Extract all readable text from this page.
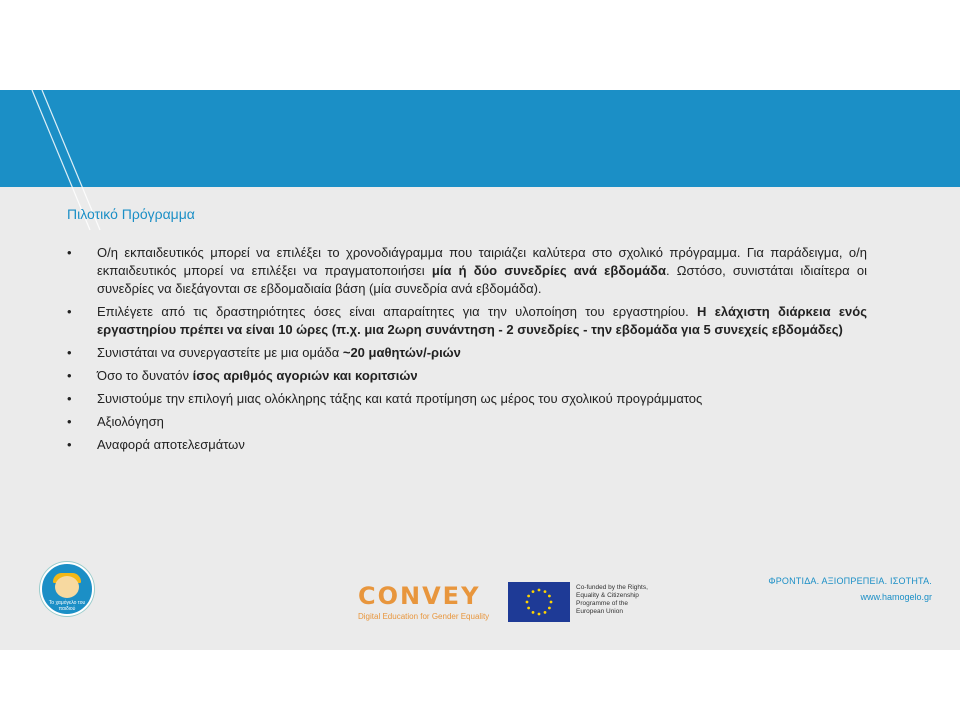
Πιλοτικό Πρόγραμμα
• Ο/η εκπαιδευτικός μπορεί να επιλέξει το χρονοδιάγραμμα που ταιριάζει καλύτερα στο σχολικό πρόγραμμα. Για παράδειγμα, ο/η εκπαιδευτικός μπορεί να επιλέξει να πραγματοποιήσει μία ή δύο συνεδρίες ανά εβδομάδα. Ωστόσο, συνιστάται ιδιαίτερα οι συνεδρίες να διεξάγονται σε εβδομαδιαία βάση (μία συνεδρία ανά εβδομάδα).
• Επιλέγετε από τις δραστηριότητες όσες είναι απαραίτητες για την υλοποίηση του εργαστηρίου. Η ελάχιστη διάρκεια ενός εργαστηρίου πρέπει να είναι 10 ώρες (π.χ. μια 2ωρη συνάντηση - 2 συνεδρίες - την εβδομάδα για 5 συνεχείς εβδομάδες)
• Συνιστάται να συνεργαστείτε με μια ομάδα ~20 μαθητών/-ριών
• Όσο το δυνατόν ίσος αριθμός αγοριών και κοριτσιών
• Συνιστούμε την επιλογή μιας ολόκληρης τάξης και κατά προτίμηση ως μέρος του σχολικού προγράμματος
• Αξιολόγηση
• Αναφορά αποτελεσμάτων
Το χαμόγελο του παιδιού	CONVEY
Digital Education for Gender Equality
Co-funded by the Rights, Equality & Citizenship Programme of the European Union
ΦΡΟΝΤΙΔΑ. ΑΞΙΟΠΡΕΠΕΙΑ. ΙΣΟΤΗΤΑ.
www.hamogelo.gr
